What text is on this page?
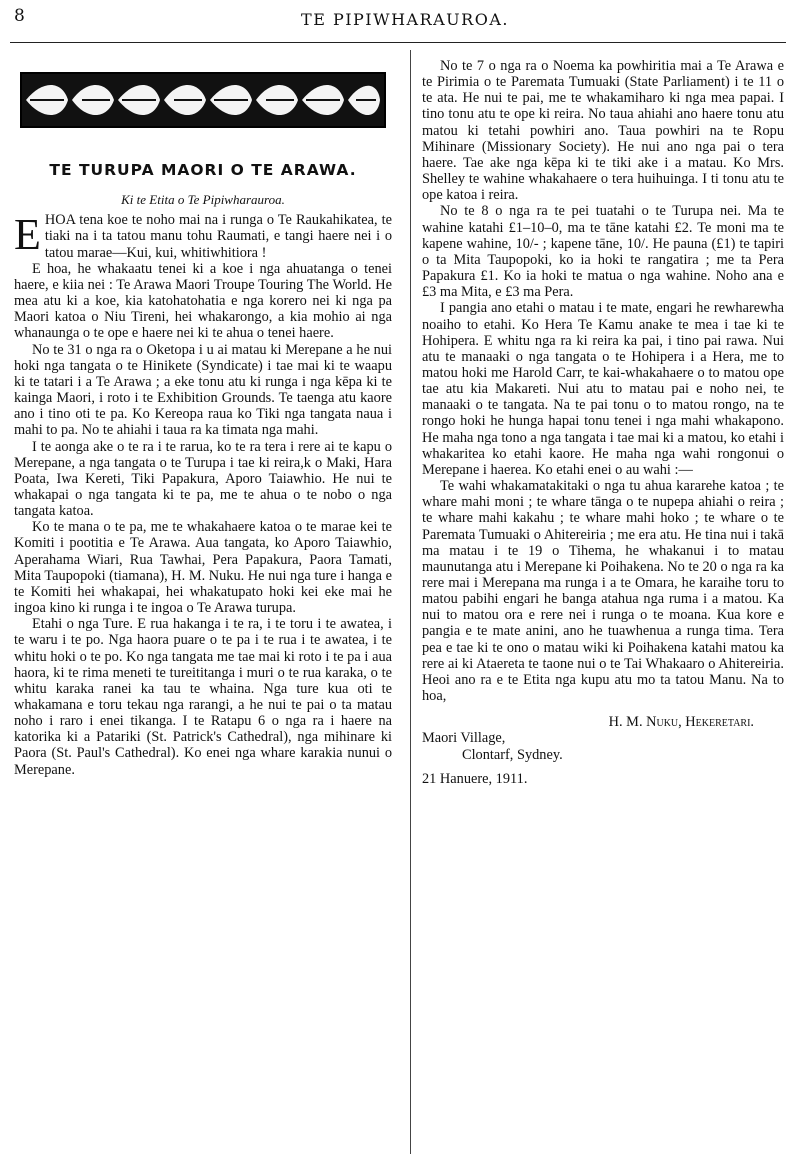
8	TE PIPIWHARAUROA.
TE TURUPA MAORI O TE ARAWA.
Ki te Etita o Te Pipiwharauroa.

EHOA tena koe te noho mai na i runga o Te Raukahikatea, te tiaki na i ta tatou manu tohu Raumati, e tangi haere nei i o tatou marae—Kui, kui, whitiwhitiora !

E hoa, he whakaatu tenei ki a koe i nga ahuatanga o tenei haere, e kiia nei : Te Arawa Maori Troupe Touring The World. He mea atu ki a koe, kia katohatohatia e nga korero nei ki nga pa Maori katoa o Niu Tireni, hei whakarongo, a kia mohio ai nga whanaunga o te ope e haere nei ki te ahua o tenei haere.

No te 31 o nga ra o Oketopa i u ai matau ki Merepane a he nui hoki nga tangata o te Hinikete (Syndicate) i tae mai ki te waapu ki te tatari i a Te Arawa ; a eke tonu atu ki runga i nga kēpa ki te kainga Maori, i roto i te Exhibition Grounds. Te taenga atu kaore ano i tino oti te pa. Ko Kereopa raua ko Tiki nga tangata naua i mahi to pa. No te ahiahi i taua ra ka timata nga mahi.

I te aonga ake o te ra i te rarua, ko te ra tera i rere ai te kapu o Merepane, a nga tangata o te Turupa i tae ki reira,k o Maki, Hara Poata, Iwa Kereti, Tiki Papakura, Aporo Taiawhio. He nui te whakapai o nga tangata ki te pa, me te ahua o te nobo o nga tangata katoa.

Ko te mana o te pa, me te whakahaere katoa o te marae kei te Komiti i pootitia e Te Arawa. Aua tangata, ko Aporo Taiawhio, Aperahama Wiari, Rua Tawhai, Pera Papakura, Paora Tamati, Mita Taupopoki (tiamana), H. M. Nuku. He nui nga ture i hanga e te Komiti hei whakapai, hei whakatupato hoki kei eke mai he ingoa kino ki runga i te ingoa o Te Arawa turupa.

Etahi o nga Ture. E rua hakanga i te ra, i te toru i te awatea, i te waru i te po. Nga haora puare o te pa i te rua i te awatea, i te whitu hoki o te po. Ko nga tangata me tae mai ki roto i te pa i aua haora, ki te rima meneti te tureititanga i muri o te rua karaka, o te whitu karaka ranei ka tau te whaina. Nga ture kua oti te whakamana e toru tekau nga rarangi, a he nui te pai o ta matau noho i raro i enei tikanga. I te Ratapu 6 o nga ra i haere na katorika ki a Patariki (St. Patrick's Cathedral), nga mihinare ki Paora (St. Paul's Cathedral). Ko enei nga whare karakia nunui o Merepane.

No te 7 o nga ra o Noema ka powhiritia mai a Te Arawa e te Pirimia o te Paremata Tumuaki (State Parliament) i te 11 o te ata. He nui te pai, me te whakamiharo ki nga mea papai. I tino tonu atu te ope ki reira. No taua ahiahi ano haere tonu atu matou ki tetahi powhiri ano. Taua powhiri na te Ropu Mihinare (Missionary Society). He nui ano nga pai o tera haere. Tae ake nga kēpa ki te tiki ake i a matau. Ko Mrs. Shelley te wahine whakahaere o tera huihuinga. I ti tonu atu te ope katoa i reira.

No te 8 o nga ra te pei tuatahi o te Turupa nei. Ma te wahine katahi £1–10–0, ma te tāne katahi £2. Te moni ma te kapene wahine, 10/- ; kapene tāne, 10/. He pauna (£1) te tapiri o ta Mita Taupopoki, ko ia hoki te rangatira ; me ta Pera Papakura £1. Ko ia hoki te matua o nga wahine. Noho ana e £3 ma Mita, e £3 ma Pera.

I pangia ano etahi o matau i te mate, engari he rewharewha noaiho to etahi. Ko Hera Te Kamu anake te mea i tae ki te Hohipera. E whitu nga ra ki reira ka pai, i tino pai rawa. Nui atu te manaaki o nga tangata o te Hohipera i a Hera, me to matou hoki me Harold Carr, te kai-whakahaere o to matou ope tae atu kia Makareti. Nui atu to matau pai e noho nei, te manaaki o te tangata. Na te pai tonu o to matou rongo, na te rongo hoki he hunga hapai tonu tenei i nga mahi whakapono. He maha nga tono a nga tangata i tae mai ki a matou, ko etahi i whakaritea ko etahi kaore. He maha nga wahi rongonui o Merepane i haerea. Ko etahi enei o au wahi :—

Te wahi whakamatakitaki o nga tu ahua kararehe katoa ; te whare mahi moni ; te whare tānga o te nupepa ahiahi o reira ; te whare mahi kakahu ; te whare mahi hoko ; te whare o te Paremata Tumuaki o Ahitereiria ; me era atu. He tina nui i takā ma matau i te 19 o Tihema, he whakanui i to matau maunutanga atu i Merepane ki Poihakena. No te 20 o nga ra ka rere mai i Merepana ma runga i a te Omara, he karaihe toru to matou pabihi engari he banga atahua nga ruma i a matou. Ka nui to matou ora e rere nei i runga o te moana. Kua kore e pangia e te mate anini, ano he tuawhenua a runga tima. Tera pea e tae ki te ono o matau wiki ki Poihakena katahi matou ka rere ai ki Ataereta te taone nui o te Tai Whakaaro o Ahitereiria. Heoi ano ra e te Etita nga kupu atu mo ta tatou Manu. Na to hoa,

H. M. Nuku, Hekeretari.
Maori Village,
Clontarf, Sydney.
21 Hanuere, 1911.
